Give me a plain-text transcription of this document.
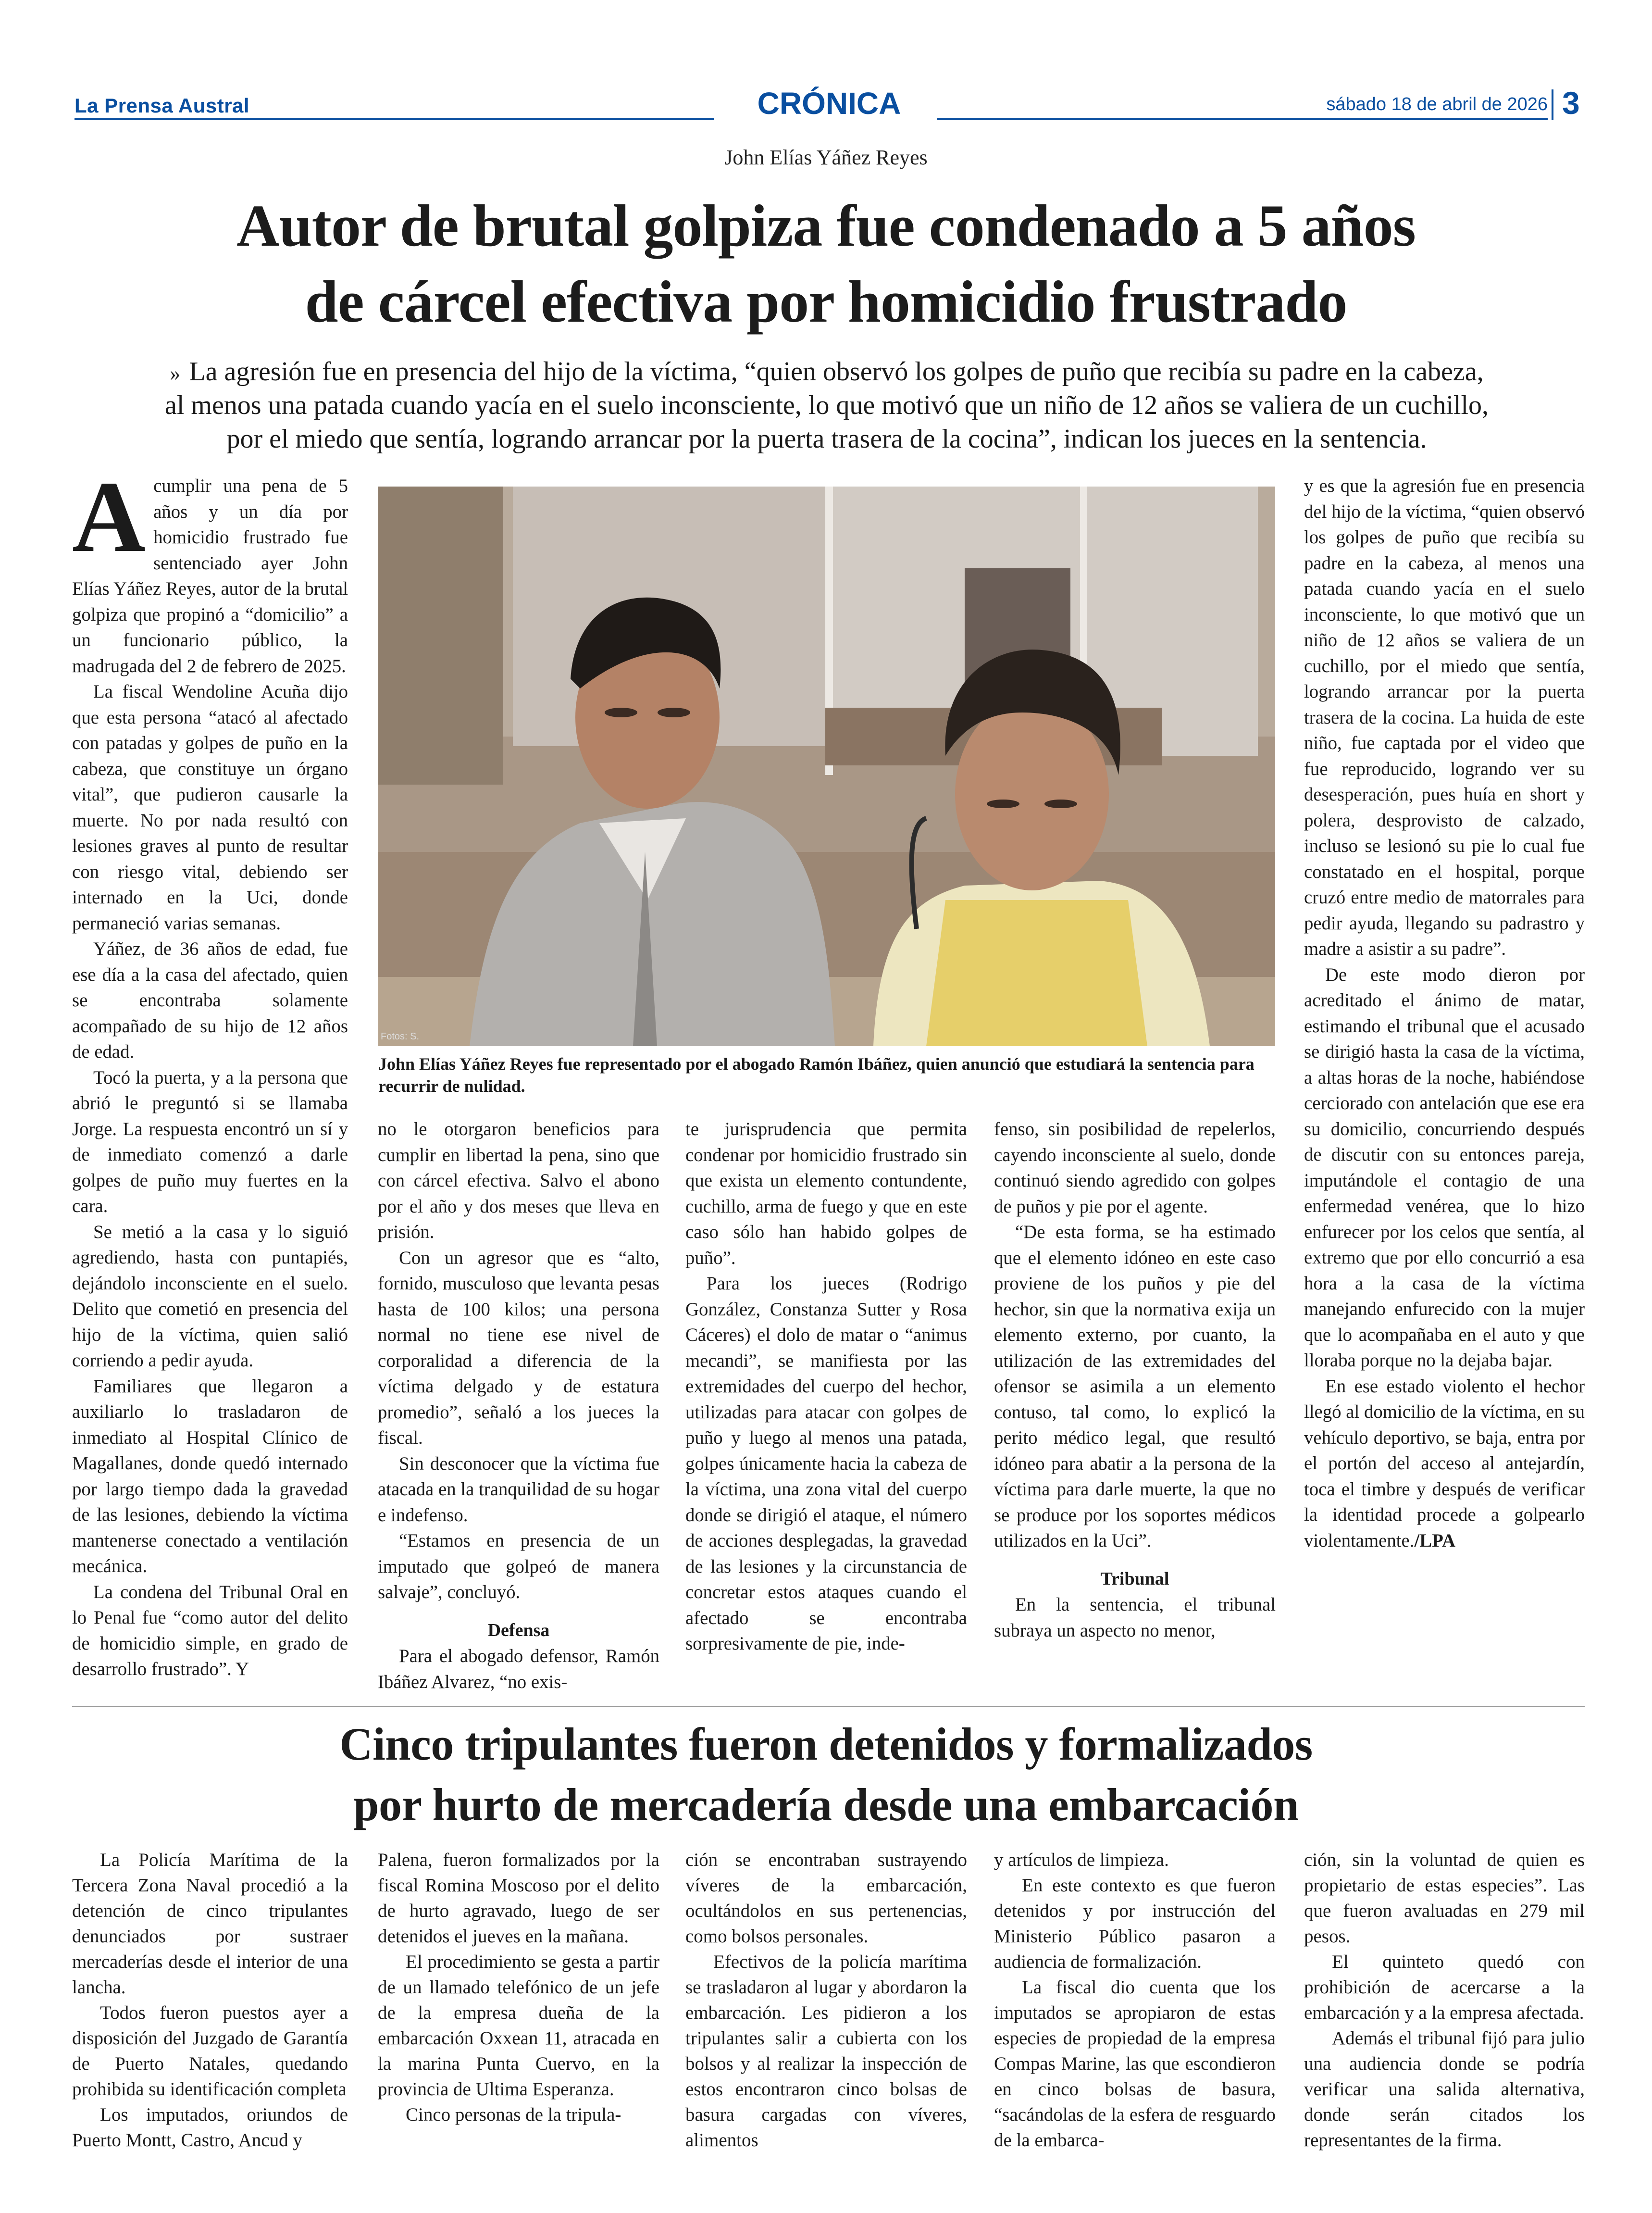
La Prensa Austral	CRÓNICA	sábado 18 de abril de 2026 3
John Elías Yáñez Reyes
Autor de brutal golpiza fue condenado a 5 años
de cárcel efectiva por homicidio frustrado
» La agresión fue en presencia del hijo de la víctima, “quien observó los golpes de puño que recibía su padre en la cabeza,
al menos una patada cuando yacía en el suelo inconsciente, lo que motivó que un niño de 12 años se valiera de un cuchillo,
por el miedo que sentía, logrando arrancar por la puerta trasera de la cocina”, indican los jueces en la sentencia.

A cumplir una pena de 5 años y un día por homicidio frustrado fue sentenciado ayer John Elías Yáñez Reyes, autor de la brutal golpiza que propinó a “domicilio” a un funcionario público, la madrugada del 2 de febrero de 2025.

La fiscal Wendoline Acuña dijo que esta persona “atacó al afectado con patadas y golpes de puño en la cabeza, que constituye un órgano vital”, que pudieron causarle la muerte. No por nada resultó con lesiones graves al punto de resultar con riesgo vital, debiendo ser internado en la Uci, donde permaneció varias semanas.

Yáñez, de 36 años de edad, fue ese día a la casa del afectado, quien se encontraba solamente acompañado de su hijo de 12 años de edad.

Tocó la puerta, y a la persona que abrió le preguntó si se llamaba Jorge. La respuesta encontró un sí y de inmediato comenzó a darle golpes de puño muy fuertes en la cara.

Se metió a la casa y lo siguió agrediendo, hasta con puntapiés, dejándolo inconsciente en el suelo. Delito que cometió en presencia del hijo de la víctima, quien salió corriendo a pedir ayuda.

Familiares que llegaron a auxiliarlo lo trasladaron de inmediato al Hospital Clínico de Magallanes, donde quedó internado por largo tiempo dada la gravedad de las lesiones, debiendo la víctima mantenerse conectado a ventilación mecánica.

La condena del Tribunal Oral en lo Penal fue “como autor del delito de homicidio simple, en grado de desarrollo frustrado”. Y

Fotos: S.
John Elías Yáñez Reyes fue representado por el abogado Ramón Ibáñez, quien anunció que estudiará la sentencia para recurrir de nulidad.

no le otorgaron beneficios para cumplir en libertad la pena, sino que con cárcel efectiva. Salvo el abono por el año y dos meses que lleva en prisión.

Con un agresor que es “alto, fornido, musculoso que levanta pesas hasta de 100 kilos; una persona normal no tiene ese nivel de corporalidad a diferencia de la víctima delgado y de estatura promedio”, señaló a los jueces la fiscal.

Sin desconocer que la víctima fue atacada en la tranquilidad de su hogar e indefenso.

“Estamos en presencia de un imputado que golpeó de manera salvaje”, concluyó.

Defensa

Para el abogado defensor, Ramón Ibáñez Alvarez, “no exis-

te jurisprudencia que permita condenar por homicidio frustrado sin que exista un elemento contundente, cuchillo, arma de fuego y que en este caso sólo han habido golpes de puño”.

Para los jueces (Rodrigo González, Constanza Sutter y Rosa Cáceres) el dolo de matar o “animus mecandi”, se manifiesta por las extremidades del cuerpo del hechor, utilizadas para atacar con golpes de puño y luego al menos una patada, golpes únicamente hacia la cabeza de la víctima, una zona vital del cuerpo donde se dirigió el ataque, el número de acciones desplegadas, la gravedad de las lesiones y la circunstancia de concretar estos ataques cuando el afectado se encontraba sorpresivamente de pie, inde-

fenso, sin posibilidad de repelerlos, cayendo inconsciente al suelo, donde continuó siendo agredido con golpes de puños y pie por el agente.

“De esta forma, se ha estimado que el elemento idóneo en este caso proviene de los puños y pie del hechor, sin que la normativa exija un elemento externo, por cuanto, la utilización de las extremidades del ofensor se asimila a un elemento contuso, tal como, lo explicó la perito médico legal, que resultó idóneo para abatir a la persona de la víctima para darle muerte, la que no se produce por los soportes médicos utilizados en la Uci”.

Tribunal

En la sentencia, el tribunal subraya un aspecto no menor,

y es que la agresión fue en presencia del hijo de la víctima, “quien observó los golpes de puño que recibía su padre en la cabeza, al menos una patada cuando yacía en el suelo inconsciente, lo que motivó que un niño de 12 años se valiera de un cuchillo, por el miedo que sentía, logrando arrancar por la puerta trasera de la cocina. La huida de este niño, fue captada por el video que fue reproducido, logrando ver su desesperación, pues huía en short y polera, desprovisto de calzado, incluso se lesionó su pie lo cual fue constatado en el hospital, porque cruzó entre medio de matorrales para pedir ayuda, llegando su padrastro y madre a asistir a su padre”.

De este modo dieron por acreditado el ánimo de matar, estimando el tribunal que el acusado se dirigió hasta la casa de la víctima, a altas horas de la noche, habiéndose cerciorado con antelación que ese era su domicilio, concurriendo después de discutir con su entonces pareja, imputándole el contagio de una enfermedad venérea, que lo hizo enfurecer por los celos que sentía, al extremo que por ello concurrió a esa hora a la casa de la víctima manejando enfurecido con la mujer que lo acompañaba en el auto y que lloraba porque no la dejaba bajar.

En ese estado violento el hechor llegó al domicilio de la víctima, en su vehículo deportivo, se baja, entra por el portón del acceso al antejardín, toca el timbre y después de verificar la identidad procede a golpearlo violentamente./LPA

Cinco tripulantes fueron detenidos y formalizados
por hurto de mercadería desde una embarcación

La Policía Marítima de la Tercera Zona Naval procedió a la detención de cinco tripulantes denunciados por sustraer mercaderías desde el interior de una lancha.

Todos fueron puestos ayer a disposición del Juzgado de Garantía de Puerto Natales, quedando prohibida su identificación completa

Los imputados, oriundos de Puerto Montt, Castro, Ancud y

Palena, fueron formalizados por la fiscal Romina Moscoso por el delito de hurto agravado, luego de ser detenidos el jueves en la mañana.

El procedimiento se gesta a partir de un llamado telefónico de un jefe de la empresa dueña de la embarcación Oxxean 11, atracada en la marina Punta Cuervo, en la provincia de Ultima Esperanza.

Cinco personas de la tripula-

ción se encontraban sustrayendo víveres de la embarcación, ocultándolos en sus pertenencias, como bolsos personales.

Efectivos de la policía marítima se trasladaron al lugar y abordaron la embarcación. Les pidieron a los tripulantes salir a cubierta con los bolsos y al realizar la inspección de estos encontraron cinco bolsas de basura cargadas con víveres, alimentos

y artículos de limpieza.

En este contexto es que fueron detenidos y por instrucción del Ministerio Público pasaron a audiencia de formalización.

La fiscal dio cuenta que los imputados se apropiaron de estas especies de propiedad de la empresa Compas Marine, las que escondieron en cinco bolsas de basura, “sacándolas de la esfera de resguardo de la embarca-

ción, sin la voluntad de quien es propietario de estas especies”. Las que fueron avaluadas en 279 mil pesos.

El quinteto quedó con prohibición de acercarse a la embarcación y a la empresa afectada.

Además el tribunal fijó para julio una audiencia donde se podría verificar una salida alternativa, donde serán citados los representantes de la firma.
